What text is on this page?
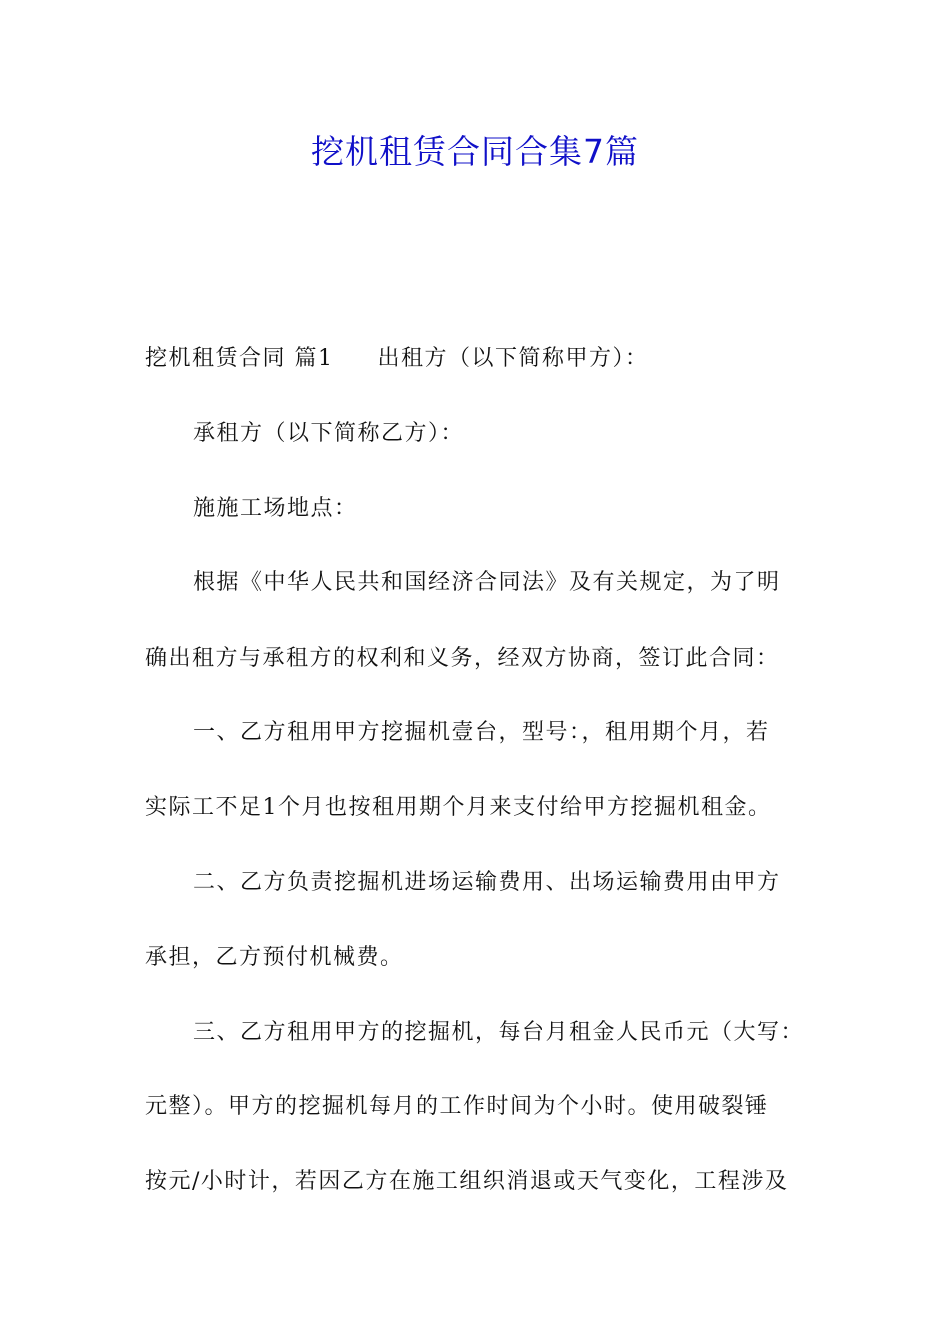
挖机租赁合同合集7篇
挖机租赁合同 篇1 出租方（以下简称甲方）：
承租方（以下简称乙方）：
施施工场地点：
根据《中华人民共和国经济合同法》及有关规定，为了明
确出租方与承租方的权利和义务，经双方协商，签订此合同：
一、乙方租用甲方挖掘机壹台，型号：，租用期个月，若
实际工不足1个月也按租用期个月来支付给甲方挖掘机租金。
二、乙方负责挖掘机进场运输费用、出场运输费用由甲方
承担，乙方预付机械费。
三、乙方租用甲方的挖掘机，每台月租金人民币元（大写：
元整）。甲方的挖掘机每月的工作时间为个小时。使用破裂锤
按元/小时计，若因乙方在施工组织消退或天气变化，工程涉及
